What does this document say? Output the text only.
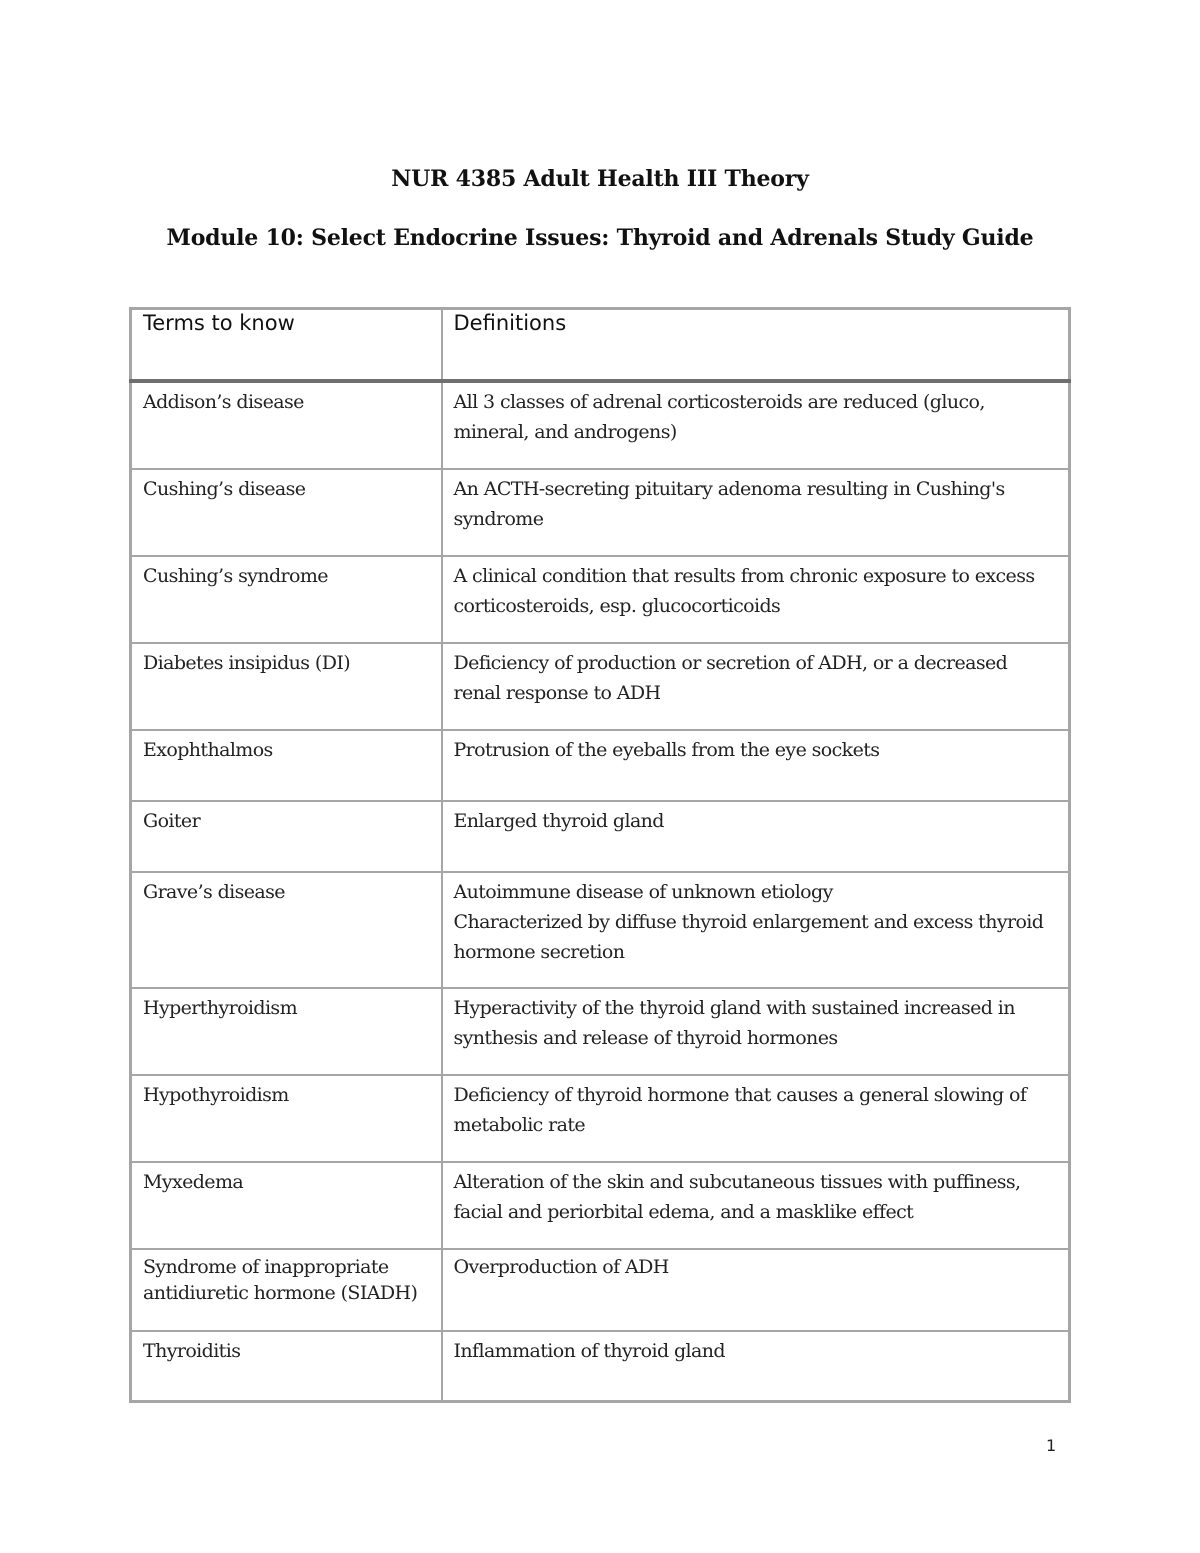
NUR 4385 Adult Health III Theory
Module 10: Select Endocrine Issues: Thyroid and Adrenals Study Guide
Terms to know	Definitions
Addison’s disease	All 3 classes of adrenal corticosteroids are reduced (gluco, mineral, and androgens)

Cushing’s disease	An ACTH-secreting pituitary adenoma resulting in Cushing's syndrome

Cushing’s syndrome	A clinical condition that results from chronic exposure to excess corticosteroids, esp. glucocorticoids

Diabetes insipidus (DI)	Deficiency of production or secretion of ADH, or a decreased renal response to ADH

Exophthalmos	Protrusion of the eyeballs from the eye sockets

Goiter	Enlarged thyroid gland

Grave’s disease	Autoimmune disease of unknown etiology
Characterized by diffuse thyroid enlargement and excess thyroid hormone secretion

Hyperthyroidism	Hyperactivity of the thyroid gland with sustained increased in synthesis and release of thyroid hormones

Hypothyroidism	Deficiency of thyroid hormone that causes a general slowing of metabolic rate

Myxedema	Alteration of the skin and subcutaneous tissues with puffiness, facial and periorbital edema, and a masklike effect

Syndrome of inappropriate antidiuretic hormone (SIADH)	Overproduction of ADH

Thyroiditis	Inflammation of thyroid gland
1
